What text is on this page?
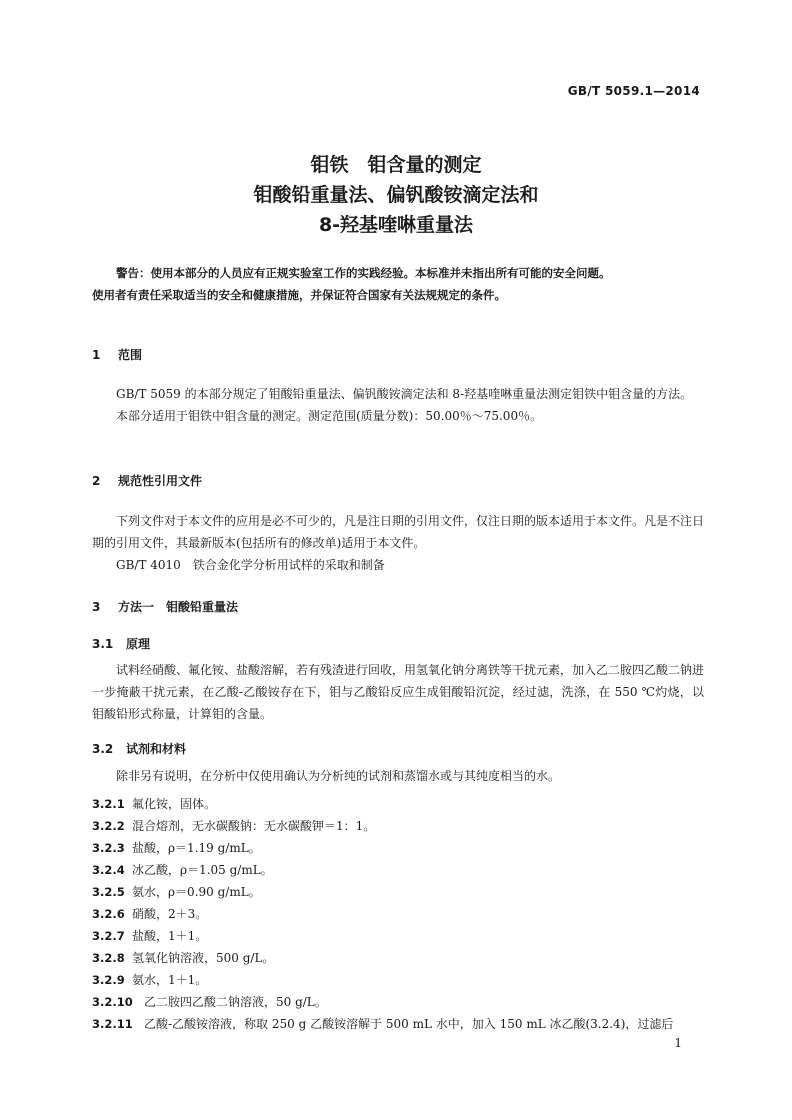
GB/T 5059.1—2014
钼铁　钼含量的测定
钼酸铅重量法、偏钒酸铵滴定法和
8-羟基喹啉重量法
警告：使用本部分的人员应有正规实验室工作的实践经验。本标准并未指出所有可能的安全问题。
使用者有责任采取适当的安全和健康措施，并保证符合国家有关法规规定的条件。
1 范围
GB/T 5059 的本部分规定了钼酸铅重量法、偏钒酸铵滴定法和 8-羟基喹啉重量法测定钼铁中钼含量的方法。
本部分适用于钼铁中钼含量的测定。测定范围(质量分数)：50.00％～75.00％。
2 规范性引用文件
下列文件对于本文件的应用是必不可少的，凡是注日期的引用文件，仅注日期的版本适用于本文件。凡是不注日期的引用文件，其最新版本(包括所有的修改单)适用于本文件。
GB/T 4010　铁合金化学分析用试样的采取和制备
3 方法一　钼酸铅重量法
3.1 原理
试料经硝酸、氟化铵、盐酸溶解，若有残渣进行回收，用氢氧化钠分离铁等干扰元素，加入乙二胺四乙酸二钠进一步掩蔽干扰元素，在乙酸-乙酸铵存在下，钼与乙酸铅反应生成钼酸铅沉淀，经过滤，洗涤，在 550 ℃灼烧，以钼酸铅形式称量，计算钼的含量。
3.2 试剂和材料
除非另有说明，在分析中仅使用确认为分析纯的试剂和蒸馏水或与其纯度相当的水。
3.2.1 氟化铵，固体。
3.2.2 混合熔剂，无水碳酸钠：无水碳酸钾＝1：1。
3.2.3 盐酸，ρ＝1.19 g/mL。
3.2.4 冰乙酸，ρ＝1.05 g/mL。
3.2.5 氨水，ρ＝0.90 g/mL。
3.2.6 硝酸，2＋3。
3.2.7 盐酸，1＋1。
3.2.8 氢氧化钠溶液，500 g/L。
3.2.9 氨水，1＋1。
3.2.10 乙二胺四乙酸二钠溶液，50 g/L。
3.2.11 乙酸-乙酸铵溶液，称取 250 g 乙酸铵溶解于 500 mL 水中，加入 150 mL 冰乙酸(3.2.4)，过滤后
1
